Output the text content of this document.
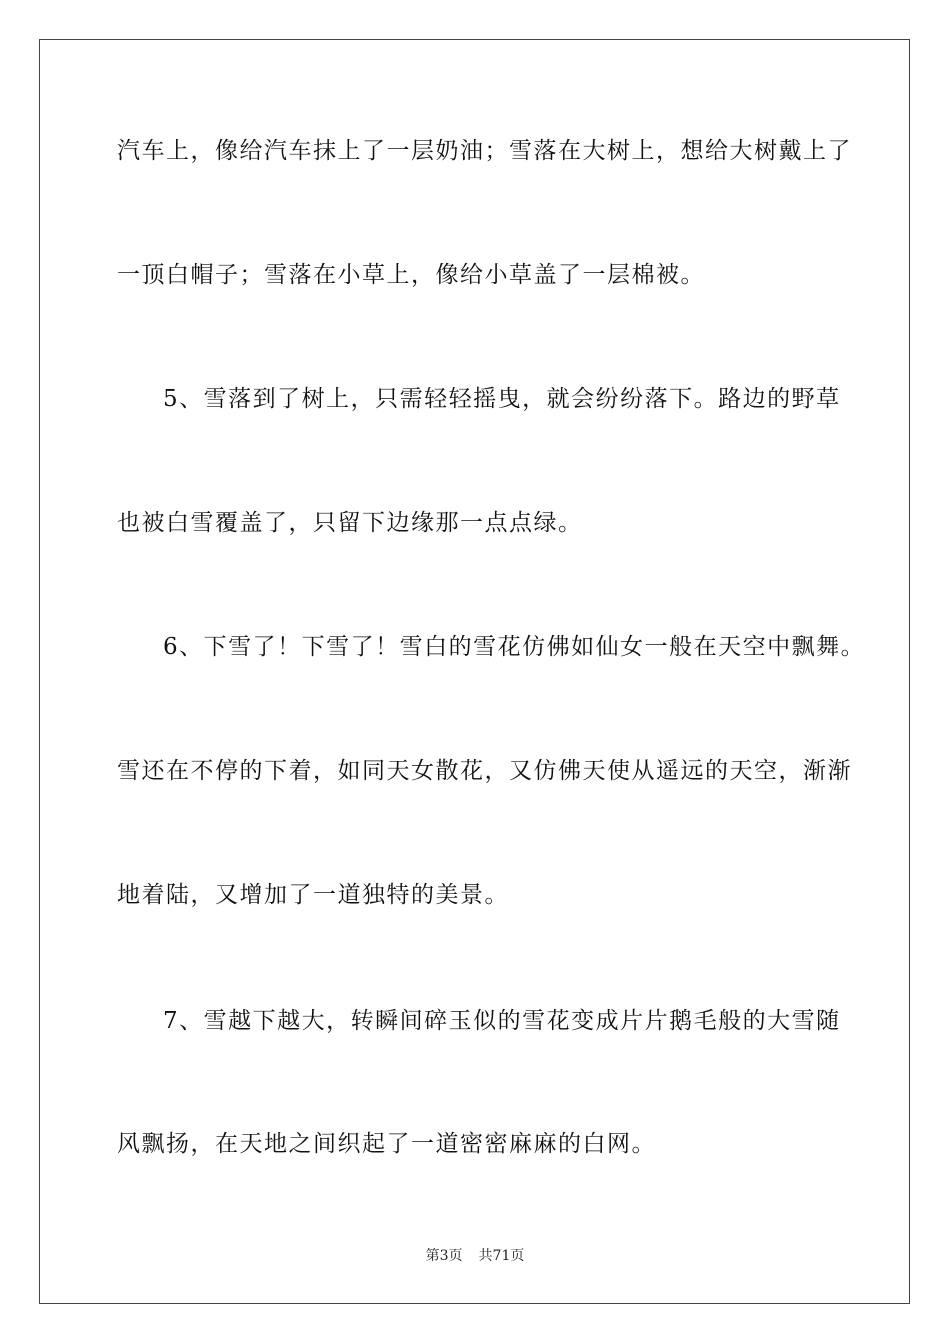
汽车上，像给汽车抹上了一层奶油；雪落在大树上，想给大树戴上了
一顶白帽子；雪落在小草上，像给小草盖了一层棉被。
5、雪落到了树上，只需轻轻摇曳，就会纷纷落下。路边的野草
也被白雪覆盖了，只留下边缘那一点点绿。
6、下雪了！下雪了！雪白的雪花仿佛如仙女一般在天空中飘舞。
雪还在不停的下着，如同天女散花，又仿佛天使从遥远的天空，渐渐
地着陆，又增加了一道独特的美景。
7、雪越下越大，转瞬间碎玉似的雪花变成片片鹅毛般的大雪随
风飘扬，在天地之间织起了一道密密麻麻的白网。
第3页 共71页
